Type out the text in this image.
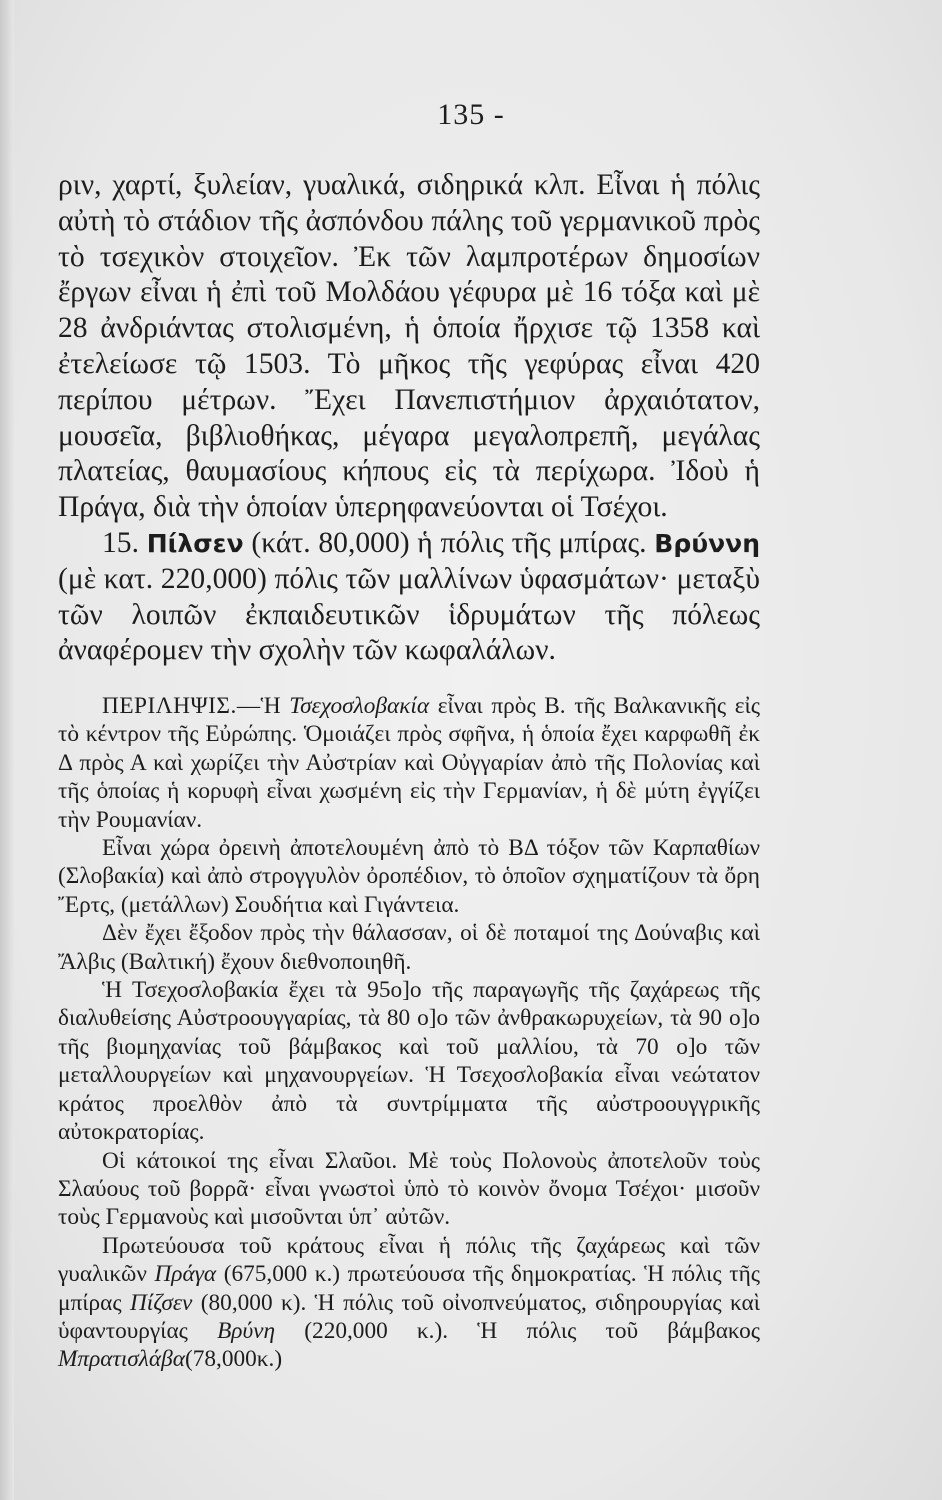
135 -

ριν, χαρτί, ξυλείαν, γυαλικά, σιδηρικά κλπ. Εἶναι ἡ πόλις αὐτὴ τὸ στάδιον τῆς ἀσπόνδου πάλης τοῦ γερμανικοῦ πρὸς τὸ τσεχικὸν στοιχεῖον. Ἐκ τῶν λαμπροτέρων δημοσίων ἔργων εἶναι ἡ ἐπὶ τοῦ Μολδάου γέφυρα μὲ 16 τόξα καὶ μὲ 28 ἀνδριάντας στολισμένη, ἡ ὁποία ἤρχισε τῷ 1358 καὶ ἐτελείωσε τῷ 1503. Τὸ μῆκος τῆς γεφύρας εἶναι 420 περίπου μέτρων. Ἔχει Πανεπιστήμιον ἀρχαιότατον, μουσεῖα, βιβλιοθήκας, μέγαρα μεγαλοπρεπῆ, μεγάλας πλατείας, θαυμασίους κήπους εἰς τὰ περίχωρα. Ἰδοὺ ἡ Πράγα, διὰ τὴν ὁποίαν ὑπερηφανεύονται οἱ Τσέχοι.

15. Πίλσεν (κάτ. 80,000) ἡ πόλις τῆς μπίρας. Βρύννη (μὲ κατ. 220,000) πόλις τῶν μαλλίνων ὑφασμάτων· μεταξὺ τῶν λοιπῶν ἐκπαιδευτικῶν ἱδρυμάτων τῆς πόλεως ἀναφέρομεν τὴν σχολὴν τῶν κωφαλάλων.

ΠΕΡΙΛΗΨΙΣ.—Ἡ Τσεχοσλοβακία εἶναι πρὸς Β. τῆς Βαλκανικῆς εἰς τὸ κέντρον τῆς Εὐρώπης. Ὁμοιάζει πρὸς σφῆνα, ἡ ὁποία ἔχει καρφωθῆ ἐκ Δ πρὸς Α καὶ χωρίζει τὴν Αὐστρίαν καὶ Οὐγγαρίαν ἀπὸ τῆς Πολονίας καὶ τῆς ὁποίας ἡ κορυφὴ εἶναι χωσμένη εἰς τὴν Γερμανίαν, ἡ δὲ μύτη ἐγγίζει τὴν Ρουμανίαν.

Εἶναι χώρα ὀρεινὴ ἀποτελουμένη ἀπὸ τὸ ΒΔ τόξον τῶν Καρπαθίων (Σλοβακία) καὶ ἀπὸ στρογγυλὸν ὀροπέδιον, τὸ ὁποῖον σχηματίζουν τὰ ὄρη Ἔρτς, (μετάλλων) Σουδήτια καὶ Γιγάντεια.

Δὲν ἔχει ἔξοδον πρὸς τὴν θάλασσαν, οἱ δὲ ποταμοί της Δούναβις καὶ Ἄλβις (Βαλτική) ἔχουν διεθνοποιηθῆ.

Ἡ Τσεχοσλοβακία ἔχει τὰ 95ο]ο τῆς παραγωγῆς τῆς ζαχάρεως τῆς διαλυθείσης Αὐστροουγγαρίας, τὰ 80 ο]ο τῶν ἀνθρακωρυχείων, τὰ 90 ο]ο τῆς βιομηχανίας τοῦ βάμβακος καὶ τοῦ μαλλίου, τὰ 70 ο]ο τῶν μεταλλουργείων καὶ μηχανουργείων. Ἡ Τσεχοσλοβακία εἶναι νεώτατον κράτος προελθὸν ἀπὸ τὰ συντρίμματα τῆς αὐστροουγγρικῆς αὐτοκρατορίας.

Οἱ κάτοικοί της εἶναι Σλαῦοι. Μὲ τοὺς Πολονοὺς ἀποτελοῦν τοὺς Σλαύους τοῦ βορρᾶ· εἶναι γνωστοὶ ὑπὸ τὸ κοινὸν ὄνομα Τσέχοι· μισοῦν τοὺς Γερμανοὺς καὶ μισοῦνται ὑπ᾽ αὐτῶν.

Πρωτεύουσα τοῦ κράτους εἶναι ἡ πόλις τῆς ζαχάρεως καὶ τῶν γυαλικῶν Πράγα (675,000 κ.) πρωτεύουσα τῆς δημοκρατίας. Ἡ πόλις τῆς μπίρας Πίζσεν (80,000 κ). Ἡ πόλις τοῦ οἰνοπνεύματος, σιδηρουργίας καὶ ὑφαντουργίας Βρύνη (220,000 κ.). Ἡ πόλις τοῦ βάμβακος Μπρατισλάβα(78,000κ.)
